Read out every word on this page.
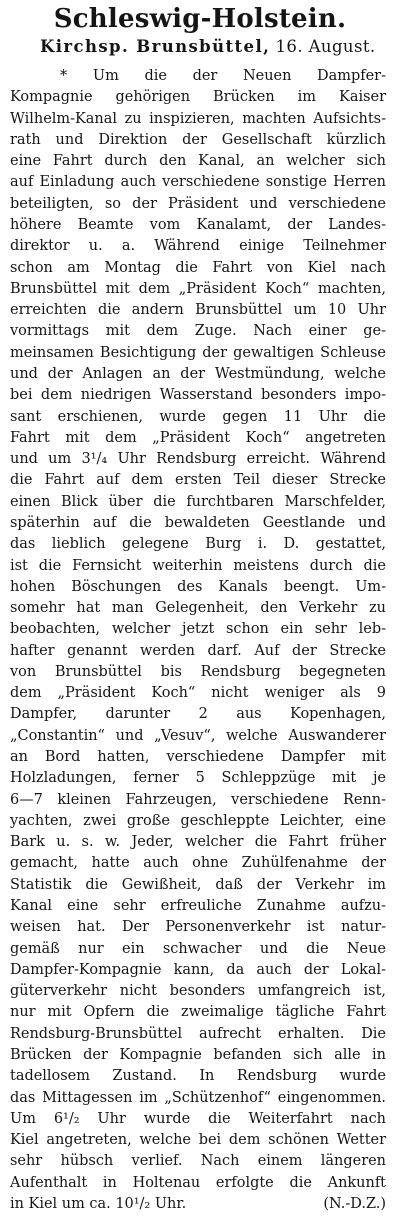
Schleswig-Holstein.
Kirchsp. Brunsbüttel, 16. August.
* Um die der Neuen Dampfer-
Kompagnie gehörigen Brücken im Kaiser
Wilhelm-Kanal zu inspizieren, machten Aufsichts-
rath und Direktion der Gesellschaft kürzlich
eine Fahrt durch den Kanal, an welcher sich
auf Einladung auch verschiedene sonstige Herren
beteiligten, so der Präsident und verschiedene
höhere Beamte vom Kanalamt, der Landes-
direktor u. a. Während einige Teilnehmer
schon am Montag die Fahrt von Kiel nach
Brunsbüttel mit dem „Präsident Koch“ machten,
erreichten die andern Brunsbüttel um 10 Uhr
vormittags mit dem Zuge. Nach einer ge-
meinsamen Besichtigung der gewaltigen Schleuse
und der Anlagen an der Westmündung, welche
bei dem niedrigen Wasserstand besonders impo-
sant erschienen, wurde gegen 11 Uhr die
Fahrt mit dem „Präsident Koch“ angetreten
und um 3¹/₄ Uhr Rendsburg erreicht. Während
die Fahrt auf dem ersten Teil dieser Strecke
einen Blick über die furchtbaren Marschfelder,
späterhin auf die bewaldeten Geestlande und
das lieblich gelegene Burg i. D. gestattet,
ist die Fernsicht weiterhin meistens durch die
hohen Böschungen des Kanals beengt. Um-
somehr hat man Gelegenheit, den Verkehr zu
beobachten, welcher jetzt schon ein sehr leb-
hafter genannt werden darf. Auf der Strecke
von Brunsbüttel bis Rendsburg begegneten
dem „Präsident Koch“ nicht weniger als 9
Dampfer, darunter 2 aus Kopenhagen,
„Constantin“ und „Vesuv“, welche Auswanderer
an Bord hatten, verschiedene Dampfer mit
Holzladungen, ferner 5 Schleppzüge mit je
6—7 kleinen Fahrzeugen, verschiedene Renn-
yachten, zwei große geschleppte Leichter, eine
Bark u. s. w. Jeder, welcher die Fahrt früher
gemacht, hatte auch ohne Zuhülfenahme der
Statistik die Gewißheit, daß der Verkehr im
Kanal eine sehr erfreuliche Zunahme aufzu-
weisen hat. Der Personenverkehr ist natur-
gemäß nur ein schwacher und die Neue
Dampfer-Kompagnie kann, da auch der Lokal-
güterverkehr nicht besonders umfangreich ist,
nur mit Opfern die zweimalige tägliche Fahrt
Rendsburg-Brunsbüttel aufrecht erhalten. Die
Brücken der Kompagnie befanden sich alle in
tadellosem Zustand. In Rendsburg wurde
das Mittagessen im „Schützenhof“ eingenommen.
Um 6¹/₂ Uhr wurde die Weiterfahrt nach
Kiel angetreten, welche bei dem schönen Wetter
sehr hübsch verlief. Nach einem längeren
Aufenthalt in Holtenau erfolgte die Ankunft
in Kiel um ca. 10¹/₂ Uhr.	(N.-D.Z.)
